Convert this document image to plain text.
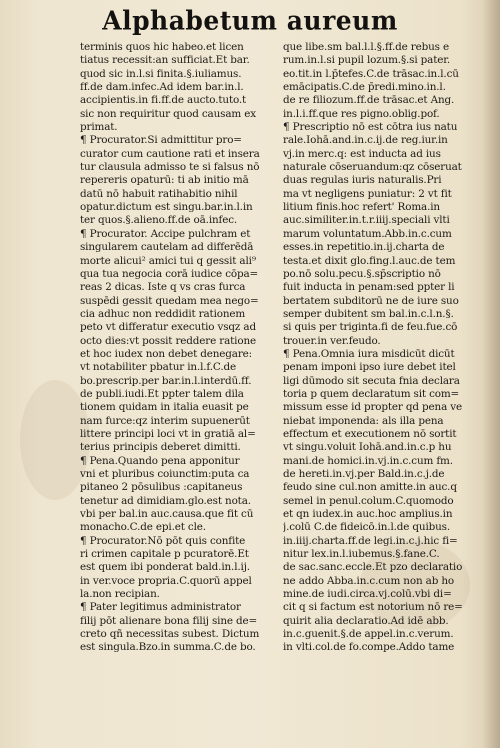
Alphabetum aureum
terminis quos hic habeo.et licen
tiatus recessit:an sufficiat.Et bar.
quod sic in.l.si finita.§.iuliamus.
ff.de dam.infec.Ad idem bar.in.l.
accipientis.in fi.ff.de aucto.tuto.t
sic non requiritur quod causam ex
primat.
¶ Procurator.Si admittitur pro=
curator cum cautione rati et insera
tur clausula admisso te si falsus nō
repereris opaturū: ti ab initio mā
datū nō habuit ratihabitio nihil
opatur.dictum est singu.bar.in.l.in
ter quos.§.alieno.ff.de oā.infec.
¶ Procurator. Accipe pulchram et
singularem cautelam ad differēdā
morte alicui² amici tui q gessit ali⁹
qua tua negocia corā iudice cōpa=
reas 2 dicas. Iste q vs cras furca
suspēdi gessit quedam mea nego=
cia adhuc non reddidit rationem
peto vt differatur executio vsqz ad
octo dies:vt possit reddere ratione
et hoc iudex non debet denegare:
vt notabiliter pbatur in.l.f.C.de
bo.prescrip.per bar.in.l.interdū.ff.
de publi.iudi.Et ppter talem dila
tionem quidam in italia euasit pe
nam furce:qz interim supuenerūt
littere principi loci vt in gratiā al=
terius principis deberet dimitti.
¶ Pena.Quando pena apponitur
vni et pluribus coiunctim:puta ca
pitaneo 2 pōsulibus :capitaneus
tenetur ad dimidiam.glo.est nota.
vbi per bal.in auc.causa.que fit cū
monacho.C.de epi.et cle.
¶ Procurator.Nō pōt quis confite
ri crimen capitale p pcuratorē.Et
est quem ibi ponderat bald.in.l.ij.
in ver.voce propria.C.quorū appel
la.non recipian.
¶ Pater legitimus administrator
filij pōt alienare bona filij sine de=
creto qñ necessitas subest. Dictum
est singula.Bzo.in summa.C.de bo.
que libe.sm bal.l.l.§.ff.de rebus e
rum.in.l.si pupil lozum.§.si pater.
eo.tit.in l.p̄tefes.C.de trāsac.in.l.cū
emācipatis.C.de p̄redi.mino.in.l.
de re filiozum.ff.de trāsac.et Ang.
in.l.i.ff.que res pigno.oblig.pof.
¶ Prescriptio nō est cōtra ius natu
rale.Iohā.and.in.c.ij.de reg.iur.in
vj.in merc.q: est inducta ad ius
naturale cōseruandum:qz cōseruat
duas regulas iuris naturalis.Pri
ma vt negligens puniatur: 2 vt fit
litium finis.hoc refert' Roma.in
auc.similiter.in.t.r.iiij.speciali vlti
marum voluntatum.Abb.in.c.cum
esses.in repetitio.in.ij.charta de
testa.et dixit glo.fing.l.auc.de tem
po.nō solu.pecu.§.sp̄scriptio nō
fuit inducta in penam:sed ppter li
bertatem subditorū ne de iure suo
semper dubitent sm bal.in.c.l.n.§.
si quis per triginta.fi de feu.fue.cō
trouer.in ver.feudo.
¶ Pena.Omnia iura misdicūt dicūt
penam imponi ipso iure debet itel
ligi dūmodo sit secuta fnia declara
toria p quem declaratum sit com=
missum esse id propter qd pena ve
niebat imponenda: als illa pena
effectum et executionem nō sortit
vt singu.voluit Iohā.and.in.c.p hu
mani.de homici.in.vj.in.c.cum fm.
de hereti.in.vj.per Bald.in.c.j.de
feudo sine cul.non amitte.in auc.q
semel in penul.colum.C.quomodo
et qn iudex.in auc.hoc amplius.in
j.colū C.de fideicō.in.l.de quibus.
in.iiij.charta.ff.de legi.in.c.j.hic fi=
nitur lex.in.l.iubemus.§.fane.C.
de sac.sanc.eccle.Et pzo declaratio
ne addo Abba.in.c.cum non ab ho
mine.de iudi.circa.vj.colū.vbi di=
cit q si factum est notorium nō re=
quirit alia declaratio.Ad idē abb.
in.c.guenit.§.de appel.in.c.verum.
in vlti.col.de fo.compe.Addo tame
